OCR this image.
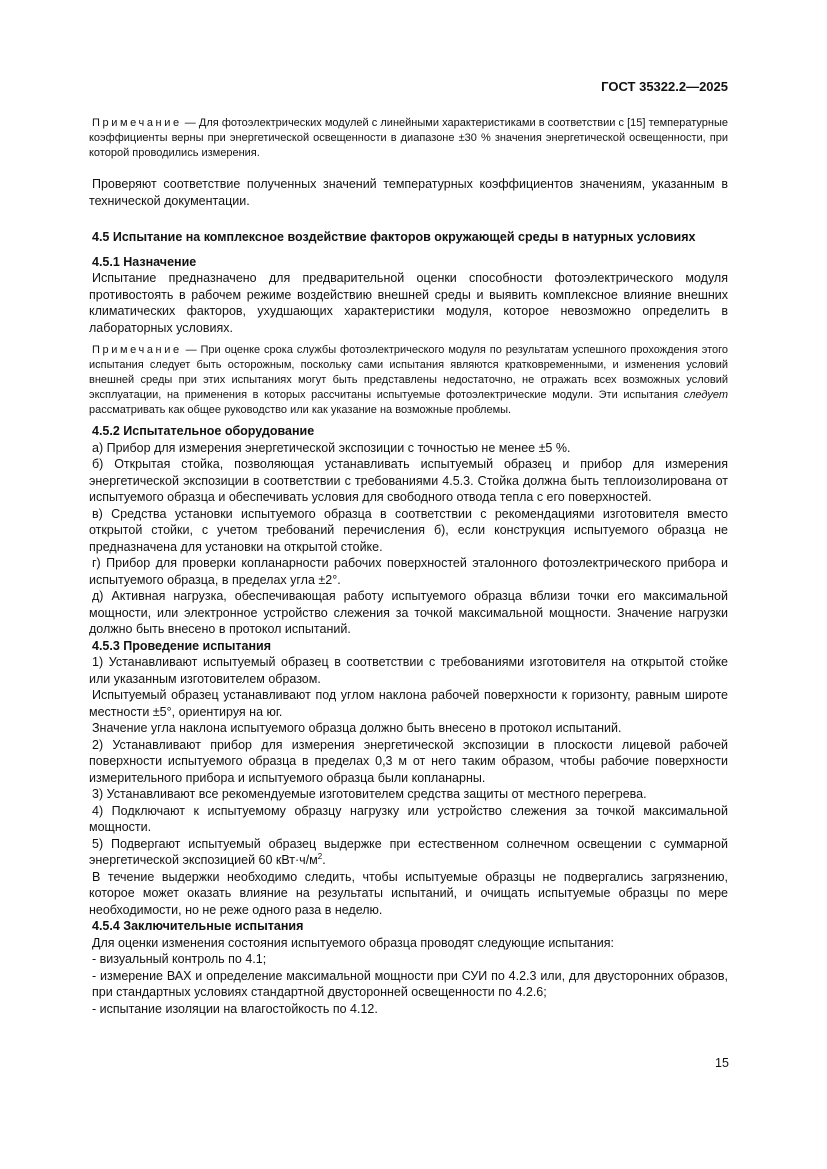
ГОСТ 35322.2—2025

Примечание — Для фотоэлектрических модулей с линейными характеристиками в соответствии с [15] температурные коэффициенты верны при энергетической освещенности в диапазоне ±30 % значения энергетической освещенности, при которой проводились измерения.

Проверяют соответствие полученных значений температурных коэффициентов значениям, указанным в технической документации.

4.5 Испытание на комплексное воздействие факторов окружающей среды в натурных условиях

4.5.1 Назначение

Испытание предназначено для предварительной оценки способности фотоэлектрического модуля противостоять в рабочем режиме воздействию внешней среды и выявить комплексное влияние внешних климатических факторов, ухудшающих характеристики модуля, которое невозможно определить в лабораторных условиях.

Примечание — При оценке срока службы фотоэлектрического модуля по результатам успешного прохождения этого испытания следует быть осторожным, поскольку сами испытания являются кратковременными, и изменения условий внешней среды при этих испытаниях могут быть представлены недостаточно, не отражать всех возможных условий эксплуатации, на применения в которых рассчитаны испытуемые фотоэлектрические модули. Эти испытания следует рассматривать как общее руководство или как указание на возможные проблемы.

4.5.2 Испытательное оборудование

а) Прибор для измерения энергетической экспозиции с точностью не менее ±5 %.

б) Открытая стойка, позволяющая устанавливать испытуемый образец и прибор для измерения энергетической экспозиции в соответствии с требованиями 4.5.3. Стойка должна быть теплоизолирована от испытуемого образца и обеспечивать условия для свободного отвода тепла с его поверхностей.

в) Средства установки испытуемого образца в соответствии с рекомендациями изготовителя вместо открытой стойки, с учетом требований перечисления б), если конструкция испытуемого образца не предназначена для установки на открытой стойке.

г) Прибор для проверки копланарности рабочих поверхностей эталонного фотоэлектрического прибора и испытуемого образца, в пределах угла ±2°.

д) Активная нагрузка, обеспечивающая работу испытуемого образца вблизи точки его максимальной мощности, или электронное устройство слежения за точкой максимальной мощности. Значение нагрузки должно быть внесено в протокол испытаний.

4.5.3 Проведение испытания

1) Устанавливают испытуемый образец в соответствии с требованиями изготовителя на открытой стойке или указанным изготовителем образом.

Испытуемый образец устанавливают под углом наклона рабочей поверхности к горизонту, равным широте местности ±5°, ориентируя на юг.

Значение угла наклона испытуемого образца должно быть внесено в протокол испытаний.

2) Устанавливают прибор для измерения энергетической экспозиции в плоскости лицевой рабочей поверхности испытуемого образца в пределах 0,3 м от него таким образом, чтобы рабочие поверхности измерительного прибора и испытуемого образца были копланарны.

3) Устанавливают все рекомендуемые изготовителем средства защиты от местного перегрева.

4) Подключают к испытуемому образцу нагрузку или устройство слежения за точкой максимальной мощности.

5) Подвергают испытуемый образец выдержке при естественном солнечном освещении с суммарной энергетической экспозицией 60 $кВт\cdot ч/м^2$.

В течение выдержки необходимо следить, чтобы испытуемые образцы не подвергались загрязнению, которое может оказать влияние на результаты испытаний, и очищать испытуемые образцы по мере необходимости, но не реже одного раза в неделю.

4.5.4 Заключительные испытания

Для оценки изменения состояния испытуемого образца проводят следующие испытания:

- визуальный контроль по 4.1;

- измерение ВАХ и определение максимальной мощности при СУИ по 4.2.3 или, для двусторонних образов, при стандартных условиях стандартной двусторонней освещенности по 4.2.6;

- испытание изоляции на влагостойкость по 4.12.

15
